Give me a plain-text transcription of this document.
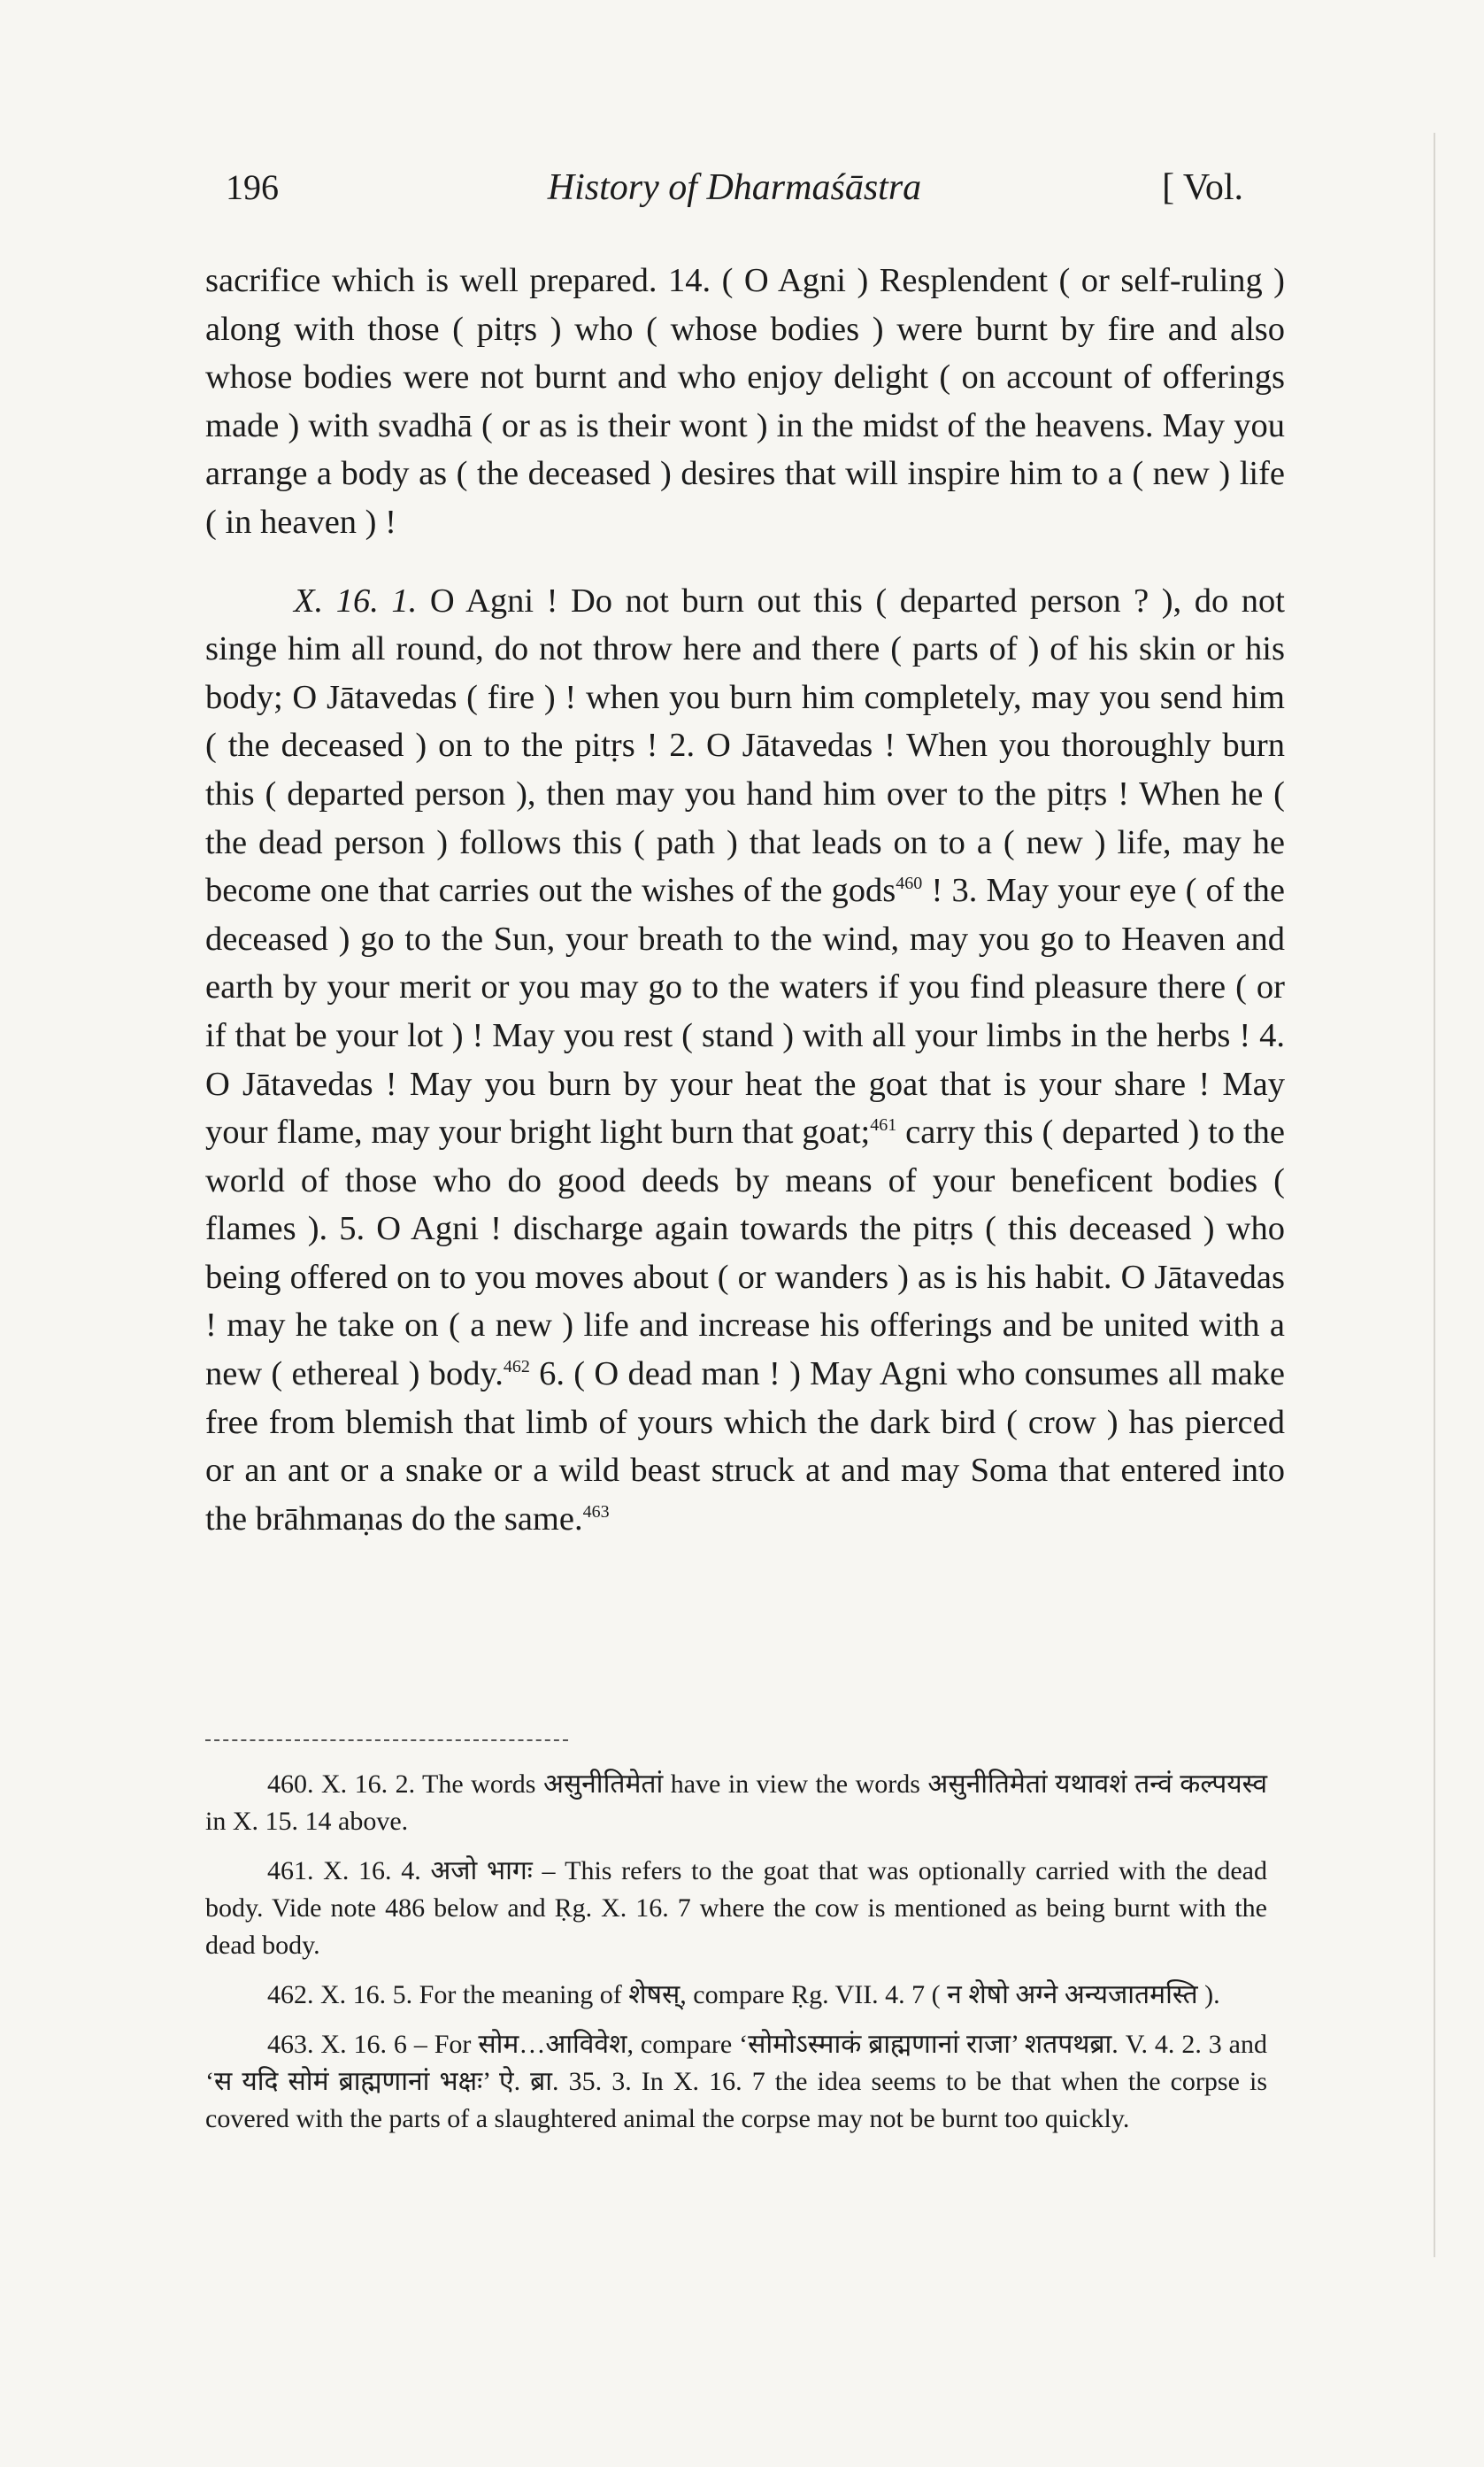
196	History of Dharmaśāstra	[ Vol.

sacrifice which is well prepared. 14. ( O Agni ) Resplendent ( or self-ruling ) along with those ( pitṛs ) who ( whose bodies ) were burnt by fire and also whose bodies were not burnt and who enjoy delight ( on account of offerings made ) with svadhā ( or as is their wont ) in the midst of the heavens. May you arrange a body as ( the deceased ) desires that will inspire him to a ( new ) life ( in heaven ) !

X. 16. 1. O Agni ! Do not burn out this ( departed person ? ), do not singe him all round, do not throw here and there ( parts of ) of his skin or his body; O Jātavedas ( fire ) ! when you burn him completely, may you send him ( the deceased ) on to the pitṛs ! 2. O Jātavedas ! When you thoroughly burn this ( departed person ), then may you hand him over to the pitṛs ! When he ( the dead person ) follows this ( path ) that leads on to a ( new ) life, may he become one that carries out the wishes of the gods$^{460}$ ! 3. May your eye ( of the deceased ) go to the Sun, your breath to the wind, may you go to Heaven and earth by your merit or you may go to the waters if you find pleasure there ( or if that be your lot ) ! May you rest ( stand ) with all your limbs in the herbs ! 4. O Jātavedas ! May you burn by your heat the goat that is your share ! May your flame, may your bright light burn that goat;$^{461}$ carry this ( departed ) to the world of those who do good deeds by means of your beneficent bodies ( flames ). 5. O Agni ! discharge again towards the pitṛs ( this deceased ) who being offered on to you moves about ( or wanders ) as is his habit. O Jātavedas ! may he take on ( a new ) life and increase his offerings and be united with a new ( ethereal ) body.$^{462}$ 6. ( O dead man ! ) May Agni who consumes all make free from blemish that limb of yours which the dark bird ( crow ) has pierced or an ant or a snake or a wild beast struck at and may Soma that entered into the brāhmaṇas do the same.$^{463}$

460. X. 16. 2. The words असुनीतिमेतां have in view the words असुनीतिमेतां यथावशं तन्वं कल्पयस्व in X. 15. 14 above.

461. X. 16. 4. अजो भागः – This refers to the goat that was optionally carried with the dead body. Vide note 486 below and Ṛg. X. 16. 7 where the cow is mentioned as being burnt with the dead body.

462. X. 16. 5. For the meaning of शेषस्, compare Ṛg. VII. 4. 7 ( न शेषो अग्ने अन्यजातमस्ति ).

463. X. 16. 6 – For सोम…आविवेश, compare ‘सोमोऽस्माकं ब्राह्मणानां राजा’ शतपथब्रा. V. 4. 2. 3 and ‘स यदि सोमं ब्राह्मणानां भक्षः’ ऐ. ब्रा. 35. 3. In X. 16. 7 the idea seems to be that when the corpse is covered with the parts of a slaughtered animal the corpse may not be burnt too quickly.
